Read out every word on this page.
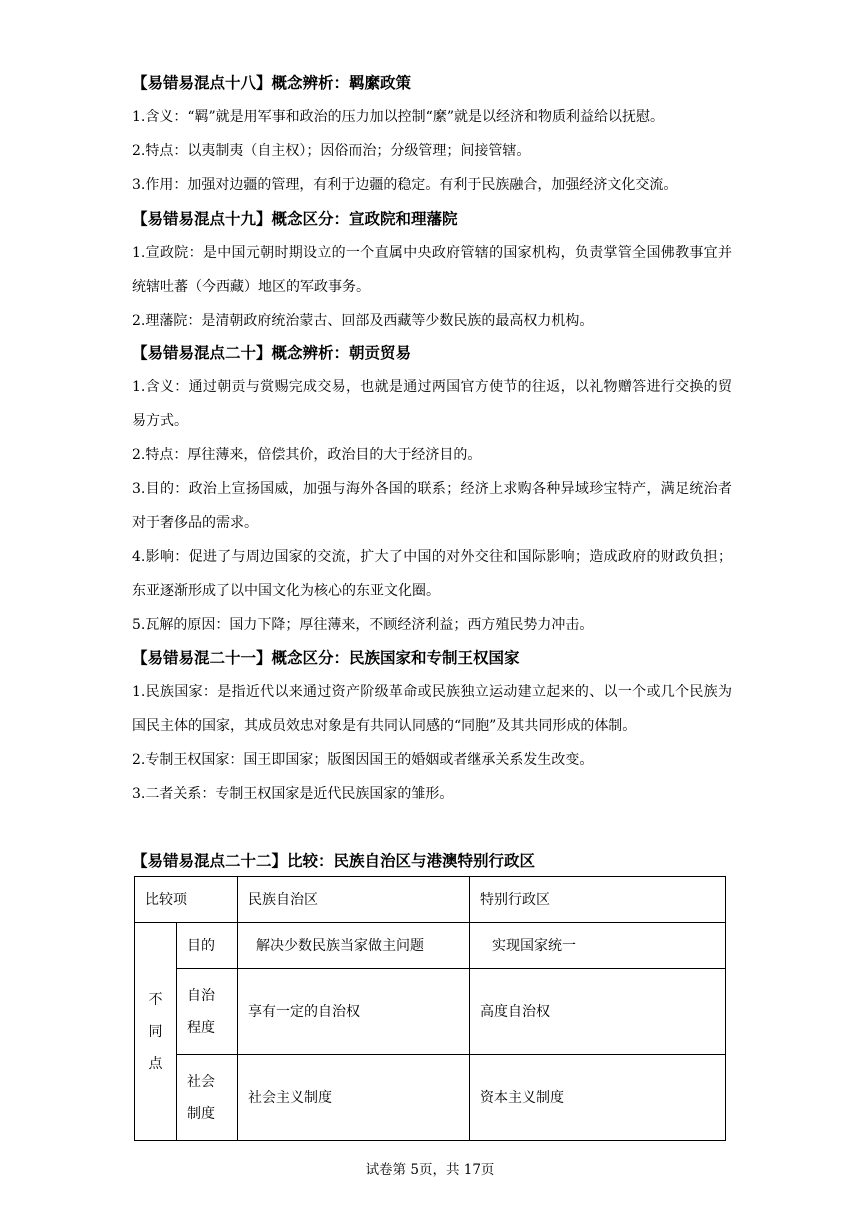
【易错易混点十八】概念辨析：羁縻政策
1.含义：“羁”就是用军事和政治的压力加以控制“縻”就是以经济和物质利益给以抚慰。
2.特点：以夷制夷（自主权）；因俗而治；分级管理；间接管辖。
3.作用：加强对边疆的管理，有利于边疆的稳定。有利于民族融合，加强经济文化交流。
【易错易混点十九】概念区分：宣政院和理藩院
1.宣政院：是中国元朝时期设立的一个直属中央政府管辖的国家机构，负责掌管全国佛教事宜并统辖吐蕃（今西藏）地区的军政事务。
2.理藩院：是清朝政府统治蒙古、回部及西藏等少数民族的最高权力机构。
【易错易混点二十】概念辨析：朝贡贸易
1.含义：通过朝贡与赏赐完成交易，也就是通过两国官方使节的往返，以礼物赠答进行交换的贸易方式。
2.特点：厚往薄来，倍偿其价，政治目的大于经济目的。
3.目的：政治上宣扬国威，加强与海外各国的联系；经济上求购各种异域珍宝特产，满足统治者对于奢侈品的需求。
4.影响：促进了与周边国家的交流，扩大了中国的对外交往和国际影响；造成政府的财政负担；东亚逐渐形成了以中国文化为核心的东亚文化圈。
5.瓦解的原因：国力下降；厚往薄来，不顾经济利益；西方殖民势力冲击。
【易错易混二十一】概念区分：民族国家和专制王权国家
1.民族国家：是指近代以来通过资产阶级革命或民族独立运动建立起来的、以一个或几个民族为国民主体的国家，其成员效忠对象是有共同认同感的“同胞”及其共同形成的体制。
2.专制王权国家：国王即国家；版图因国王的婚姻或者继承关系发生改变。
3.二者关系：专制王权国家是近代民族国家的雏形。
【易错易混点二十二】比较：民族自治区与港澳特别行政区
比较项		民族自治区	特别行政区
不同点	目的	解决少数民族当家做主问题	实现国家统一
	自治程度	享有一定的自治权	高度自治权
	社会制度	社会主义制度	资本主义制度
试卷第 5页，共 17页
